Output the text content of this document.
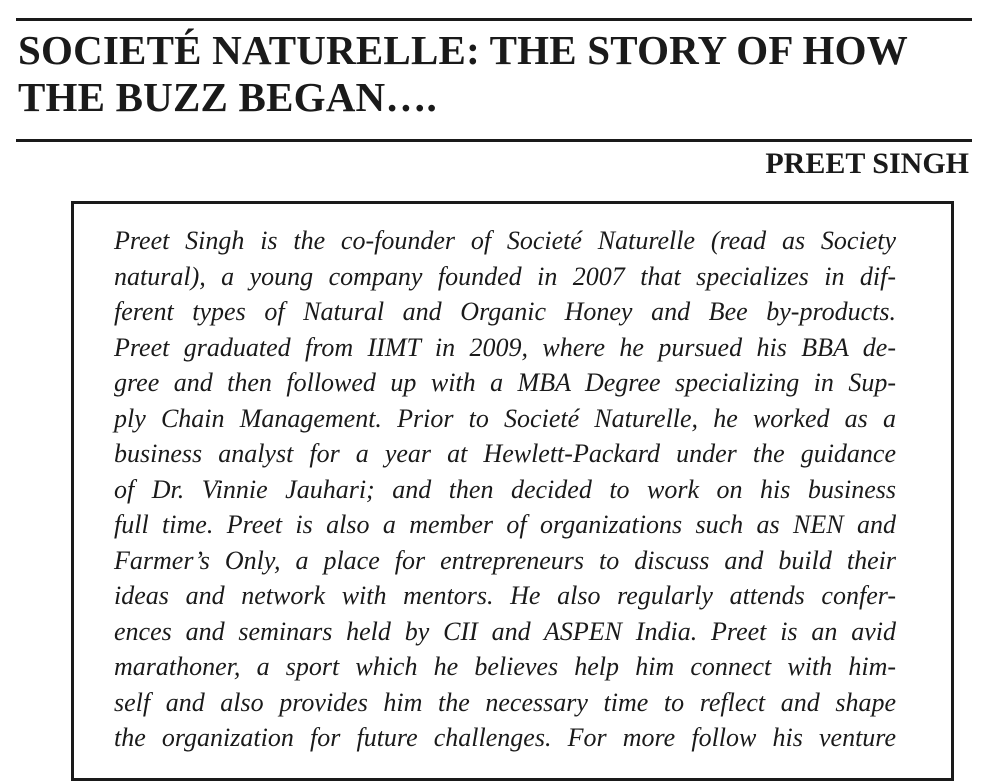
SOCIETÉ NATURELLE: THE STORY OF HOW THE BUZZ BEGAN….
PREET SINGH

Preet Singh is the co-founder of Societé Naturelle (read as Society
natural), a young company founded in 2007 that specializes in dif-
ferent types of Natural and Organic Honey and Bee by-products.
Preet graduated from IIMT in 2009, where he pursued his BBA de-
gree and then followed up with a MBA Degree specializing in Sup-
ply Chain Management. Prior to Societé Naturelle, he worked as a
business analyst for a year at Hewlett-Packard under the guidance
of Dr. Vinnie Jauhari; and then decided to work on his business
full time. Preet is also a member of organizations such as NEN and
Farmer’s Only, a place for entrepreneurs to discuss and build their
ideas and network with mentors. He also regularly attends confer-
ences and seminars held by CII and ASPEN India. Preet is an avid
marathoner, a sport which he believes help him connect with him-
self and also provides him the necessary time to reflect and shape
the organization for future challenges. For more follow his venture
